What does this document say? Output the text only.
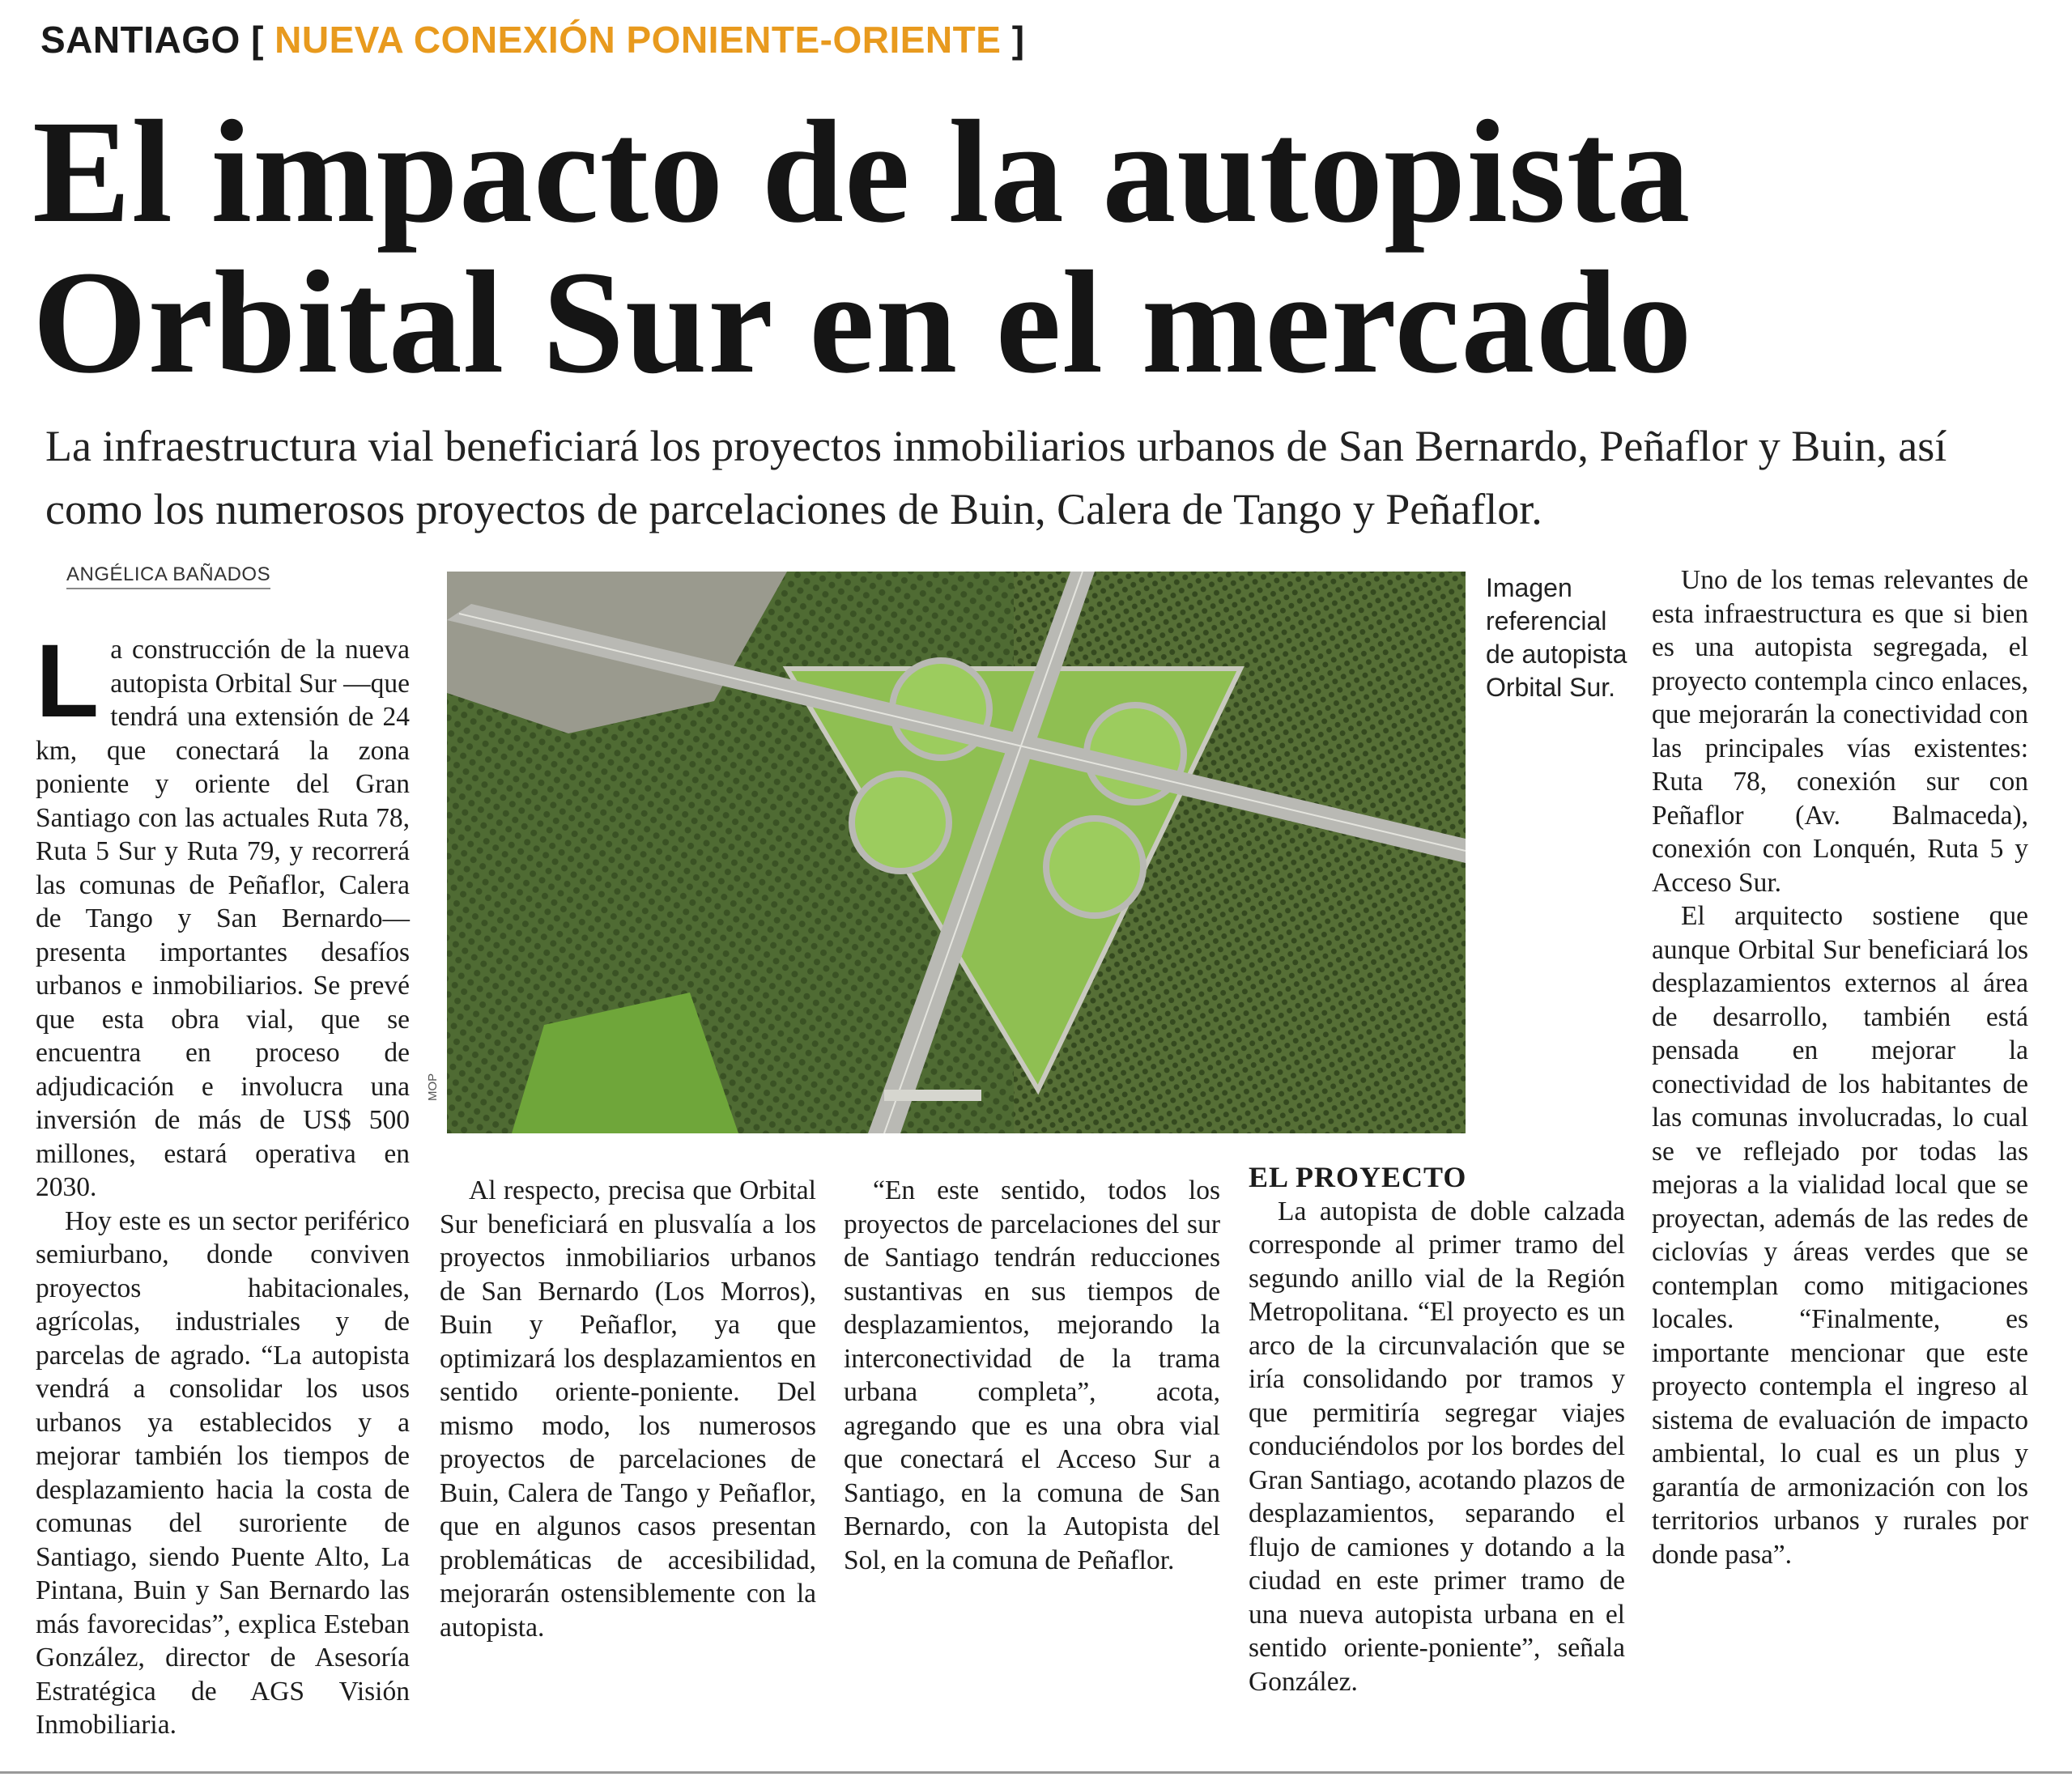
SANTIAGO [ NUEVA CONEXIÓN PONIENTE-ORIENTE ]
El impacto de la autopista
Orbital Sur en el mercado
La infraestructura vial beneficiará los proyectos inmobiliarios urbanos de San Bernardo, Peñaflor y Buin, así como los numerosos proyectos de parcelaciones de Buin, Calera de Tango y Peñaflor.
ANGÉLICA BAÑADOS

La construcción de la nueva autopista Orbital Sur —que tendrá una extensión de 24 km, que conectará la zona poniente y oriente del Gran Santiago con las actuales Ruta 78, Ruta 5 Sur y Ruta 79, y recorrerá las comunas de Peñaflor, Calera de Tango y San Bernardo— presenta importantes desafíos urbanos e inmobiliarios. Se prevé que esta obra vial, que se encuentra en proceso de adjudicación e involucra una inversión de más de US$ 500 millones, estará operativa en 2030.

Hoy este es un sector periférico semiurbano, donde conviven proyectos habitacionales, agrícolas, industriales y de parcelas de agrado. “La autopista vendrá a consolidar los usos urbanos ya establecidos y a mejorar también los tiempos de desplazamiento hacia la costa de comunas del suroriente de Santiago, siendo Puente Alto, La Pintana, Buin y San Bernardo las más favorecidas”, explica Esteban González, director de Asesoría Estratégica de AGS Visión Inmobiliaria.

Al respecto, precisa que Orbital Sur beneficiará en plusvalía a los proyectos inmobiliarios urbanos de San Bernardo (Los Morros), Buin y Peñaflor, ya que optimizará los desplazamientos en sentido oriente-poniente. Del mismo modo, los numerosos proyectos de parcelaciones de Buin, Calera de Tango y Peñaflor, que en algunos casos presentan problemáticas de accesibilidad, mejorarán ostensiblemente con la autopista.

“En este sentido, todos los proyectos de parcelaciones del sur de Santiago tendrán reducciones sustantivas en sus tiempos de desplazamientos, mejorando la interconectividad de la trama urbana completa”, acota, agregando que es una obra vial que conectará el Acceso Sur a Santiago, en la comuna de San Bernardo, con la Autopista del Sol, en la comuna de Peñaflor.

EL PROYECTO

La autopista de doble calzada corresponde al primer tramo del segundo anillo vial de la Región Metropolitana. “El proyecto es un arco de la circunvalación que se iría consolidando por tramos y que permitiría segregar viajes conduciéndolos por los bordes del Gran Santiago, acotando plazos de desplazamientos, separando el flujo de camiones y dotando a la ciudad en este primer tramo de una nueva autopista urbana en el sentido oriente-poniente”, señala González.

Uno de los temas relevantes de esta infraestructura es que si bien es una autopista segregada, el proyecto contempla cinco enlaces, que mejorarán la conectividad con las principales vías existentes: Ruta 78, conexión sur con Peñaflor (Av. Balmaceda), conexión con Lonquén, Ruta 5 y Acceso Sur.

El arquitecto sostiene que aunque Orbital Sur beneficiará los desplazamientos externos al área de desarrollo, también está pensada en mejorar la conectividad de los habitantes de las comunas involucradas, lo cual se ve reflejado por todas las mejoras a la vialidad local que se proyectan, además de las redes de ciclovías y áreas verdes que se contemplan como mitigaciones locales. “Finalmente, es importante mencionar que este proyecto contempla el ingreso al sistema de evaluación de impacto ambiental, lo cual es un plus y garantía de armonización con los territorios urbanos y rurales por donde pasa”.

MOP
Imagen referencial de autopista Orbital Sur.
